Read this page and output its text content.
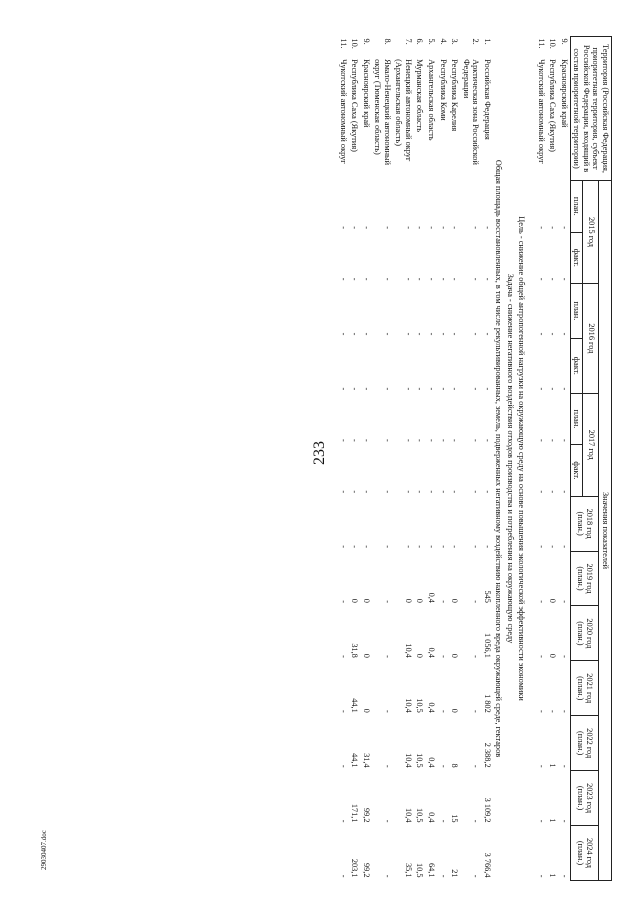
233
29030407.doc
Территория (Российская Федерация, приоритетная территория, субъект Российской Федерации, входящий в состав приоритетной территории)		Значения показателей												
		2015 год		2016 год		2017 год		2018 год (план.)	2019 год (план.)	2020 год (план.)	2021 год (план.)	2022 год (план.)	2023 год (план.)	2024 год (план.)
		план.	факт.	план.	факт.	план.	факт.							
9.	Красноярский край	-	-	-	-	-	-	-	-	-	-	-	-	-
10.	Республика Саха (Якутия)	-	-	-	-	-	-	-	0	0	-	1	1	1
11.	Чукотский автономный округ	-	-	-	-	-	-	-	-	-	-	-	-	-

Цель - снижение общей антропогенной нагрузки на окружающую среду на основе повышения экологической эффективности экономики														
Задача - снижение негативного воздействия отходов производства и потребления на окружающую среду														
Общая площадь восстановленных, в том числе рекультивированных, земель, подверженных негативному воздействию накопленного вреда окружающей среде, гектаров														
1.	Российская Федерация	-	-	-	-	-	-	-	545	1 056,1	1 802	2 388,2	3 109,2	3 766,4
2.	Арктическая зона Российской Федерации	-	-	-	-	-	-	-	-	-	-	-	-	-
3.	Республика Карелия	-	-	-	-	-	-	-	0	0	0	8	15	21
4.	Республика Коми	-	-	-	-	-	-	-	-	-	-	-	-	-
5.	Архангельская область	-	-	-	-	-	-	-	0,4	0,4	0,4	0,4	0,4	64,1
6.	Мурманская область	-	-	-	-	-	-	-	0	0	10,5	10,5	10,5	10,5
7.	Ненецкий автономный округ (Архангельская область)	-	-	-	-	-	-	-	0	10,4	10,4	10,4	10,4	35,1
8.	Ямало-Ненецкий автономный округ (Тюменская область)	-	-	-	-	-	-	-	-	-	-	-	-	-
9.	Красноярский край	-	-	-	-	-	-	-	0	0	0	31,4	99,2	99,2
10.	Республика Саха (Якутия)	-	-	-	-	-	-	-	0	31,8	44,1	44,1	171,1	203,1
11.	Чукотский автономный округ	-	-	-	-	-	-	-	-	-	-	-	-	-
